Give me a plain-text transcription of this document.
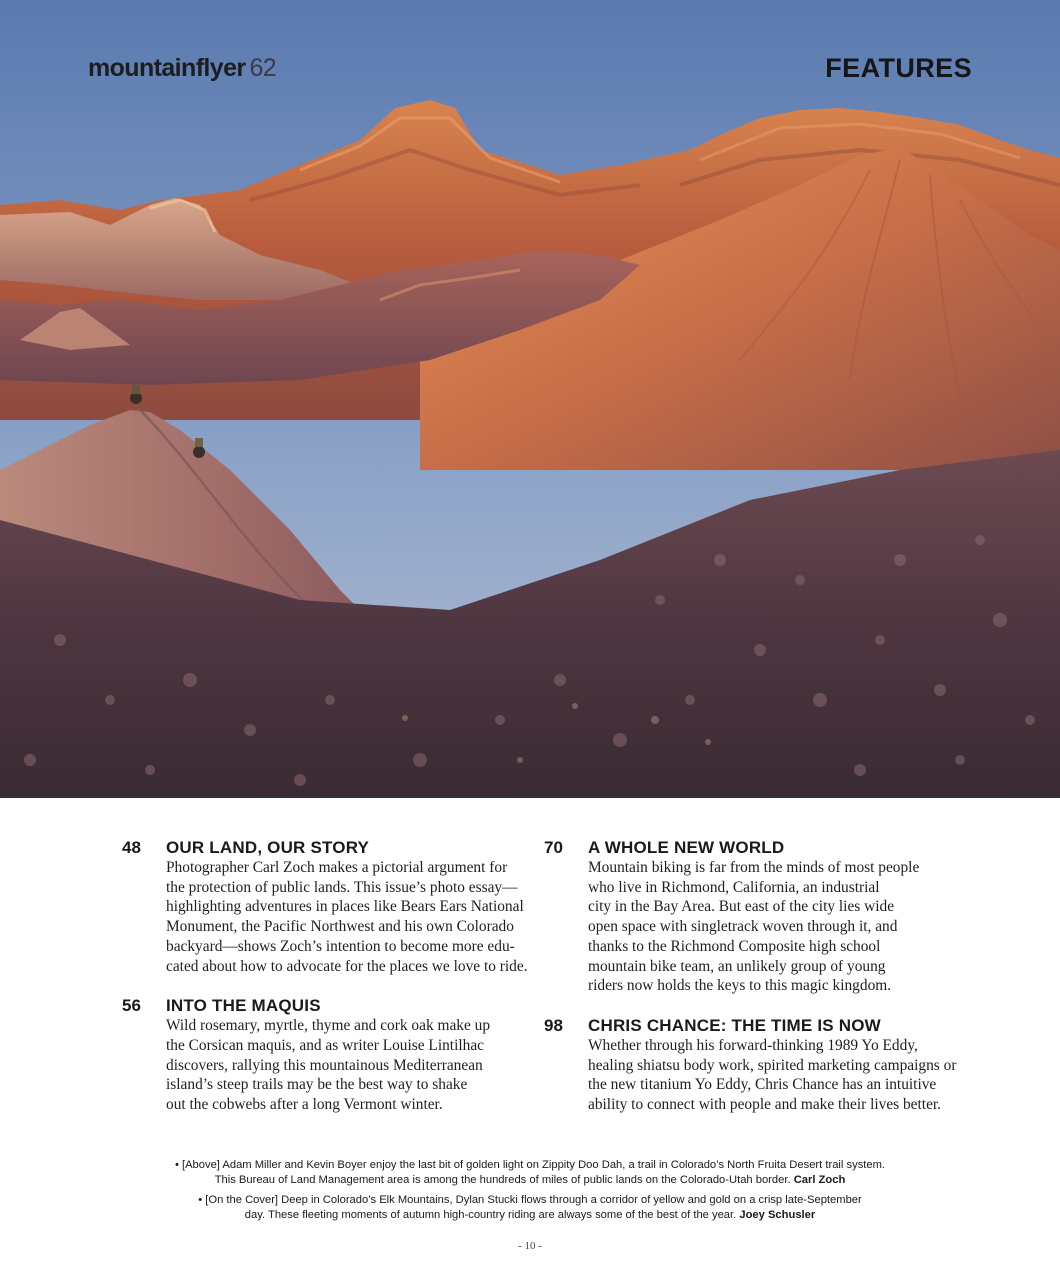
mountainflyer 62	FEATURES
48 OUR LAND, OUR STORY

Photographer Carl Zoch makes a pictorial argument for
the protection of public lands. This issue’s photo essay—
highlighting adventures in places like Bears Ears National
Monument, the Pacific Northwest and his own Colorado
backyard—shows Zoch’s intention to become more edu-
cated about how to advocate for the places we love to ride.

56 INTO THE MAQUIS

Wild rosemary, myrtle, thyme and cork oak make up
the Corsican maquis, and as writer Louise Lintilhac
discovers, rallying this mountainous Mediterranean
island’s steep trails may be the best way to shake
out the cobwebs after a long Vermont winter.

70 A WHOLE NEW WORLD

Mountain biking is far from the minds of most people
who live in Richmond, California, an industrial
city in the Bay Area. But east of the city lies wide
open space with singletrack woven through it, and
thanks to the Richmond Composite high school
mountain bike team, an unlikely group of young
riders now holds the keys to this magic kingdom.

98 CHRIS CHANCE: THE TIME IS NOW

Whether through his forward-thinking 1989 Yo Eddy,
healing shiatsu body work, spirited marketing campaigns or
the new titanium Yo Eddy, Chris Chance has an intuitive
ability to connect with people and make their lives better.

• [Above] Adam Miller and Kevin Boyer enjoy the last bit of golden light on Zippity Doo Dah, a trail in Colorado’s North Fruita Desert trail system.
This Bureau of Land Management area is among the hundreds of miles of public lands on the Colorado-Utah border. Carl Zoch

• [On the Cover] Deep in Colorado’s Elk Mountains, Dylan Stucki flows through a corridor of yellow and gold on a crisp late-September
day. These fleeting moments of autumn high-country riding are always some of the best of the year. Joey Schusler

- 10 -
